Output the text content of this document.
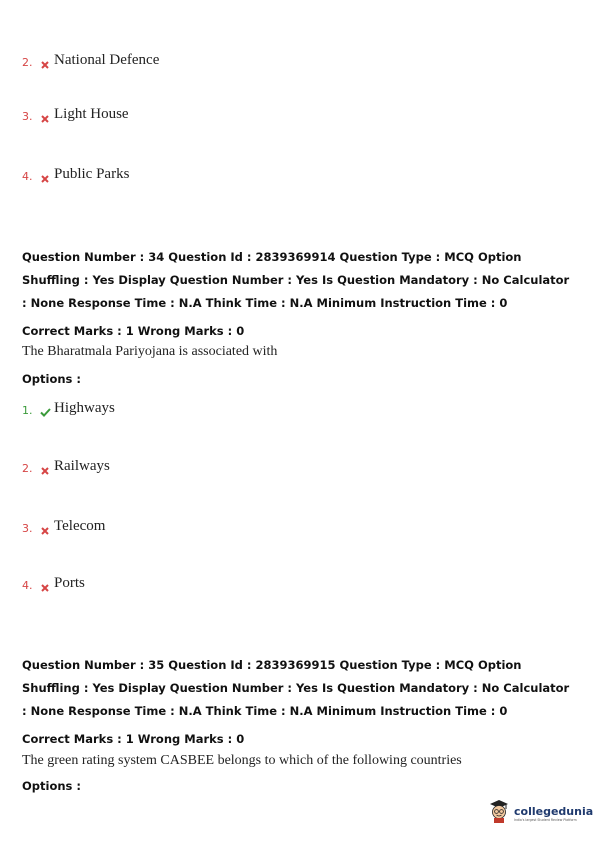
2.	National Defence
3.	Light House
4.	Public Parks
Question Number : 34 Question Id : 2839369914 Question Type : MCQ Option Shuffling : Yes Display Question Number : Yes Is Question Mandatory : No Calculator : None Response Time : N.A Think Time : N.A Minimum Instruction Time : 0
Correct Marks : 1 Wrong Marks : 0
The Bharatmala Pariyojana is associated with
Options :
1.	Highways
2.	Railways
3.	Telecom
4.	Ports
Question Number : 35 Question Id : 2839369915 Question Type : MCQ Option Shuffling : Yes Display Question Number : Yes Is Question Mandatory : No Calculator : None Response Time : N.A Think Time : N.A Minimum Instruction Time : 0
Correct Marks : 1 Wrong Marks : 0
The green rating system CASBEE belongs to which of the following countries
Options :
collegedunia
India's largest Student Review Platform
